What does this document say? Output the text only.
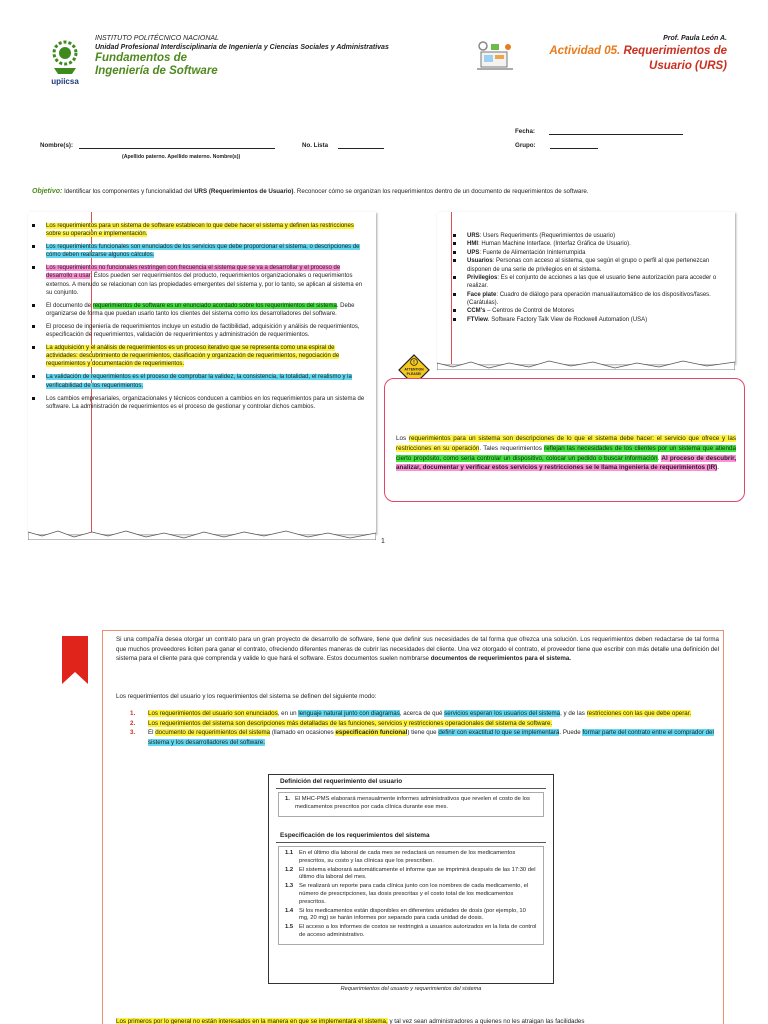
upiicsa
INSTITUTO POLITÉCNICO NACIONAL
Unidad Profesional Interdisciplinaria de Ingeniería y Ciencias Sociales y Administrativas
Fundamentos de
Ingeniería de Software
Prof. Paula León A.
Actividad 05. Requerimientos de
Usuario (URS)
Fecha:
Grupo:
Nombre(s):	No. Lista
(Apellido paterno. Apellido materno. Nombre(s))
Objetivo: Identificar los componentes y funcionalidad del URS (Requerimientos de Usuario). Reconocer cómo se organizan los requerimientos dentro de un documento de requerimientos de software.
Los requerimientos para un sistema de software establecen lo que debe hacer el sistema y definen las restricciones sobre su operación e implementación.
Los requerimientos funcionales son enunciados de los servicios que debe proporcionar el sistema, o descripciones de cómo deben realizarse algunos cálculos.
Los requerimientos no funcionales restringen con frecuencia el sistema que se va a desarrollar y el proceso de desarrollo a usar. Éstos pueden ser requerimientos del producto, requerimientos organizacionales o requerimientos externos. A menudo se relacionan con las propiedades emergentes del sistema y, por lo tanto, se aplican al sistema en su conjunto.
El documento de requerimientos de software es un enunciado acordado sobre los requerimientos del sistema. Debe organizarse de forma que puedan usarlo tanto los clientes del sistema como los desarrolladores del software.
El proceso de ingeniería de requerimientos incluye un estudio de factibilidad, adquisición y análisis de requerimientos, especificación de requerimientos, validación de requerimientos y administración de requerimientos.
La adquisición y el análisis de requerimientos es un proceso iterativo que se representa como una espiral de actividades: descubrimiento de requerimientos, clasificación y organización de requerimientos, negociación de requerimientos y documentación de requerimientos.
La validación de requerimientos es el proceso de comprobar la validez, la consistencia, la totalidad, el realismo y la verificabilidad de los requerimientos.
Los cambios empresariales, organizacionales y técnicos conducen a cambios en los requerimientos para un sistema de software. La administración de requerimientos es el proceso de gestionar y controlar dichos cambios.
URS: Users Requeriments (Requerimientos de usuario)
HMI: Human Machine Interface. (Interfaz Gráfica de Usuario).
UPS: Fuente de Alimentación Ininterrumpida
Usuarios: Personas con acceso al sistema, que según el grupo o perfil al que pertenezcan disponen de una serie de privilegios en el sistema.
Privilegios: Es el conjunto de acciones a las que el usuario tiene autorización para acceder o realizar.
Face plate: Cuadro de diálogo para operación manual/automático de los dispositivos/fases. (Carátulas).
CCM's – Centros de Control de Motores
FTView. Software Factory Talk View de Rockwell Automation (USA)
!
ATTENTION
PLEASE!
Los requerimientos para un sistema son descripciones de lo que el sistema debe hacer: el servicio que ofrece y las restricciones en su operación. Tales requerimientos reflejan las necesidades de los clientes por un sistema que atienda cierto propósito, como sería controlar un dispositivo, colocar un pedido o buscar información. Al proceso de descubrir, analizar, documentar y verificar estos servicios y restricciones se le llama ingeniería de requerimientos (IR).
1
Si una compañía desea otorgar un contrato para un gran proyecto de desarrollo de software, tiene que definir sus necesidades de tal forma que ofrezca una solución. Los requerimientos deben redactarse de tal forma que muchos proveedores liciten para ganar el contrato, ofreciendo diferentes maneras de cubrir las necesidades del cliente. Una vez otorgado el contrato, el proveedor tiene que escribir con más detalle una definición del sistema para el cliente para que comprenda y valide lo que hará el software. Estos documentos suelen nombrarse documentos de requerimientos para el sistema.
Los requerimientos del usuario y los requerimientos del sistema se definen del siguiente modo:
1. Los requerimientos del usuario son enunciados, en un lenguaje natural junto con diagramas, acerca de qué servicios esperan los usuarios del sistema, y de las restricciones con las que debe operar.
2. Los requerimientos del sistema son descripciones más detalladas de las funciones, servicios y restricciones operacionales del sistema de software.
3. El documento de requerimientos del sistema (llamado en ocasiones especificación funcional) tiene que definir con exactitud lo que se implementará. Puede formar parte del contrato entre el comprador del sistema y los desarrolladores del software.
Definición del requerimiento del usuario
1. El MHC-PMS elaborará mensualmente informes administrativos que revelen el costo de los medicamentos prescritos por cada clínica durante ese mes.
Especificación de los requerimientos del sistema
1.1 En el último día laboral de cada mes se redactará un resumen de los medicamentos prescritos, su costo y las clínicas que los prescriben.
1.2 El sistema elaborará automáticamente el informe que se imprimirá después de las 17:30 del último día laboral del mes.
1.3 Se realizará un reporte para cada clínica junto con los nombres de cada medicamento, el número de prescripciones, las dosis prescritas y el costo total de los medicamentos prescritos.
1.4 Si los medicamentos están disponibles en diferentes unidades de dosis (por ejemplo, 10 mg, 20 mg) se harán informes por separado para cada unidad de dosis.
1.5 El acceso a los informes de costos se restringirá a usuarios autorizados en la lista de control de acceso administrativo.
Requerimientos del usuario y requerimientos del sistema
Los primeros por lo general no están interesados en la manera en que se implementará el sistema, y tal vez sean administradores a quienes no les atraigan las facilidades
